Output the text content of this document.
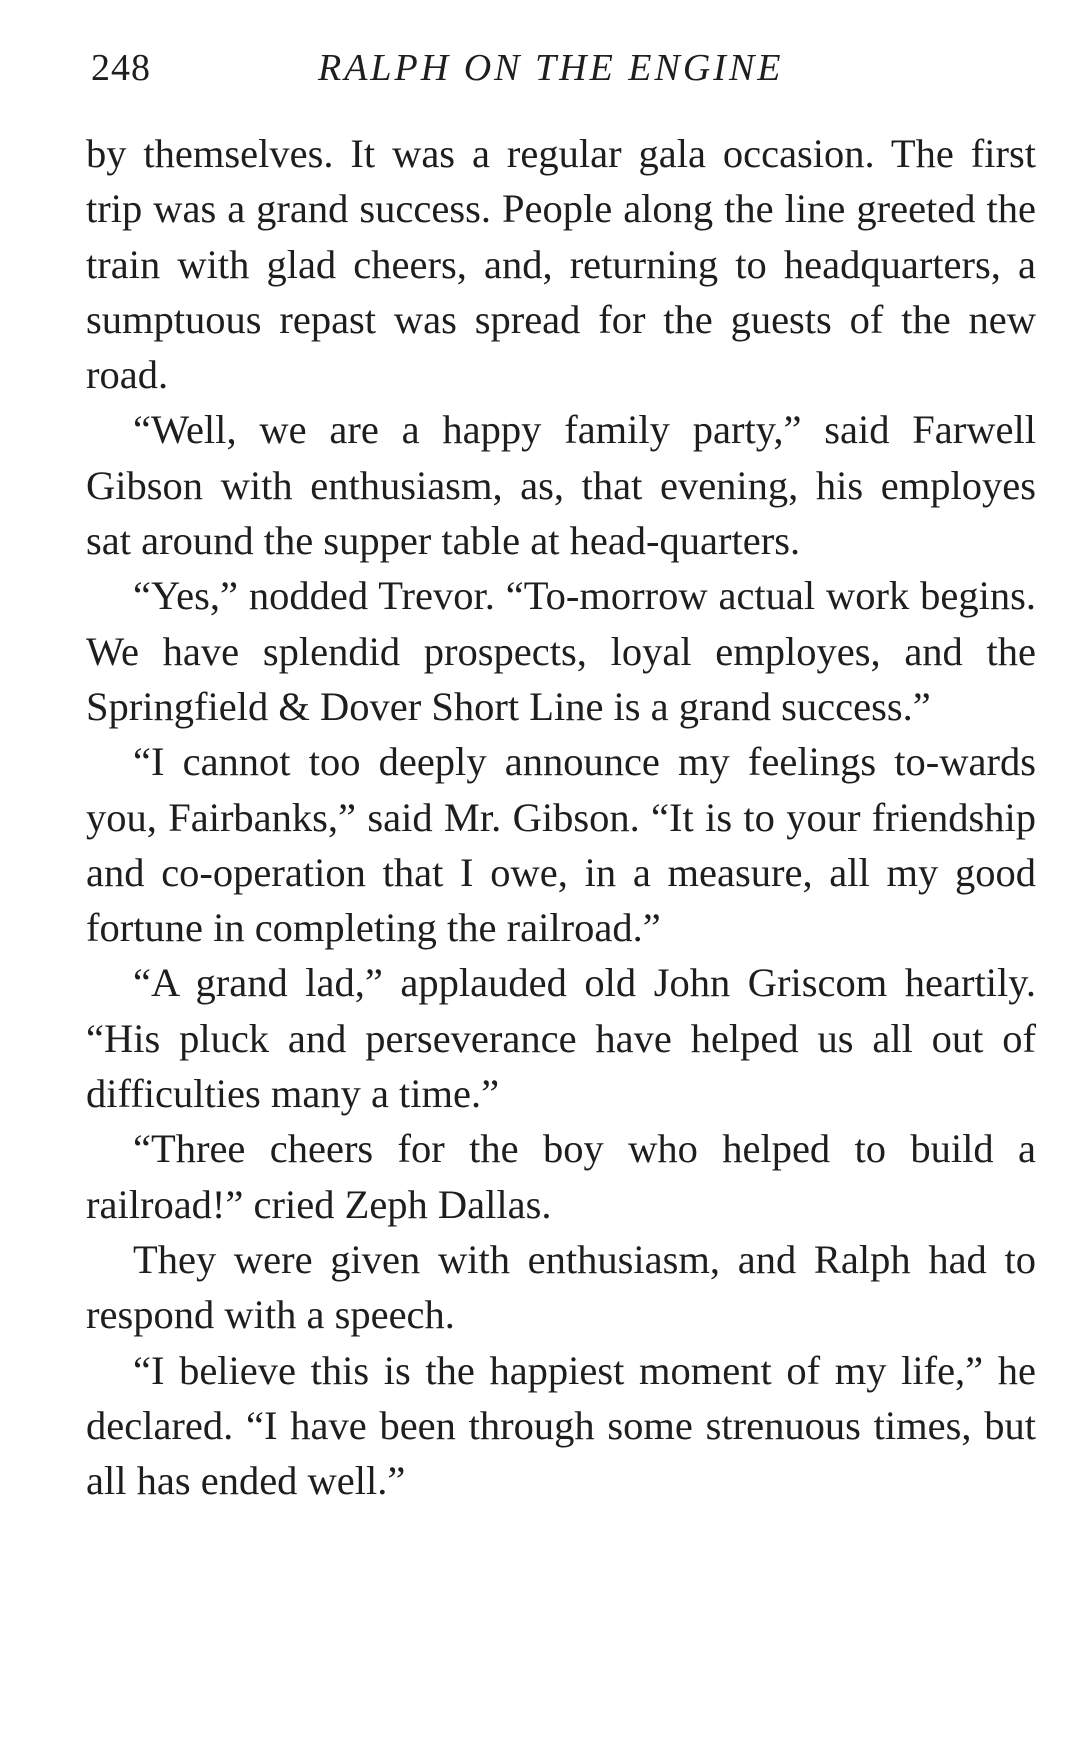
248	RALPH ON THE ENGINE

by themselves. It was a regular gala occasion. The first trip was a grand success. People along the line greeted the train with glad cheers, and, returning to headquarters, a sumptuous repast was spread for the guests of the new road.

“Well, we are a happy family party,” said Farwell Gibson with enthusiasm, as, that evening, his employes sat around the supper table at head-quarters.

“Yes,” nodded Trevor. “To-morrow actual work begins. We have splendid prospects, loyal employes, and the Springfield & Dover Short Line is a grand success.”

“I cannot too deeply announce my feelings to-wards you, Fairbanks,” said Mr. Gibson. “It is to your friendship and co-operation that I owe, in a measure, all my good fortune in completing the railroad.”

“A grand lad,” applauded old John Griscom heartily. “His pluck and perseverance have helped us all out of difficulties many a time.”

“Three cheers for the boy who helped to build a railroad!” cried Zeph Dallas.

They were given with enthusiasm, and Ralph had to respond with a speech.

“I believe this is the happiest moment of my life,” he declared. “I have been through some strenuous times, but all has ended well.”
